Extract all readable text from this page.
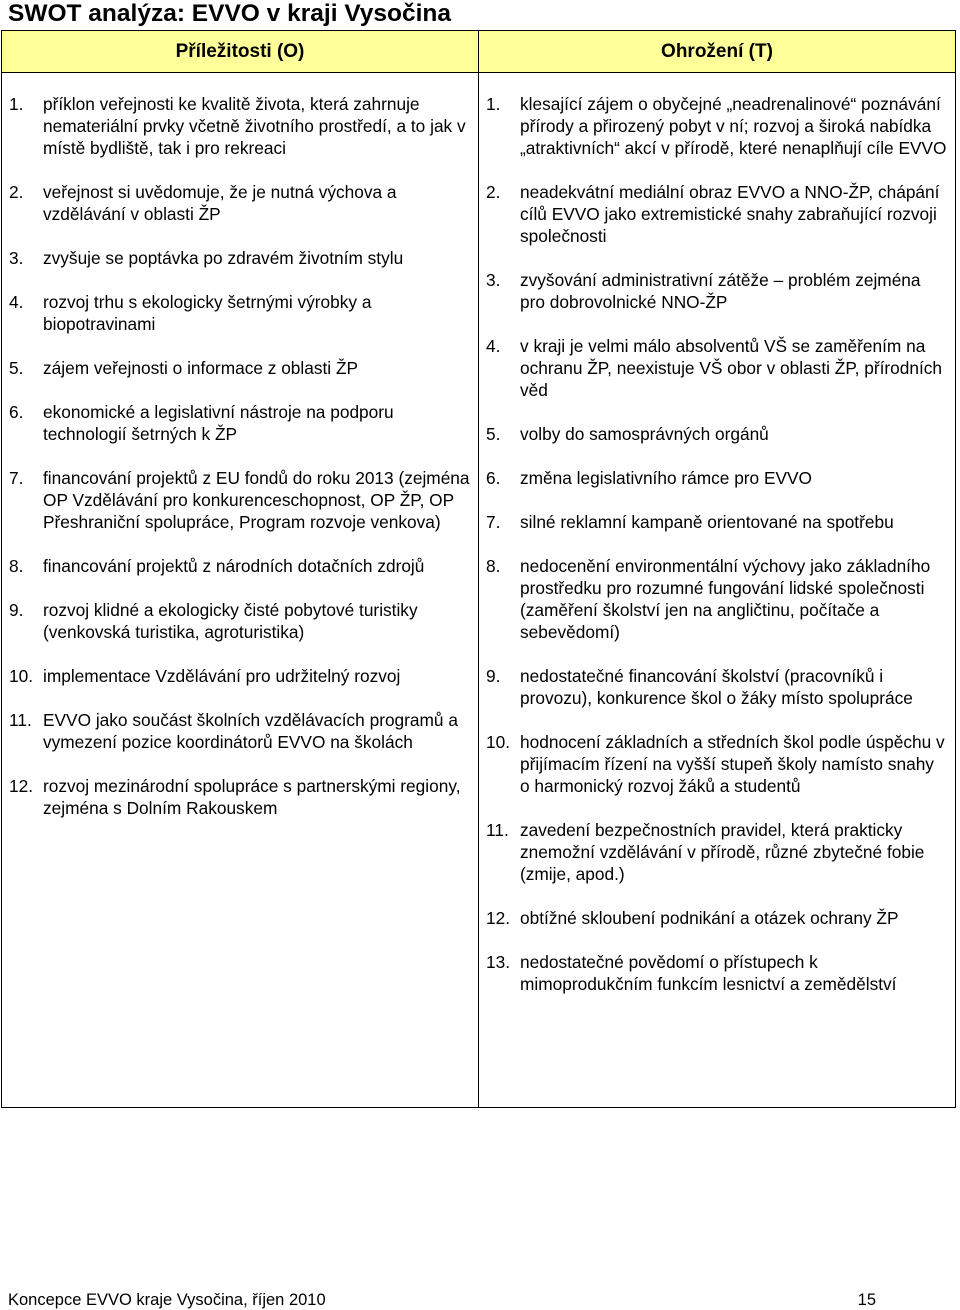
SWOT analýza: EVVO v kraji Vysočina
Příležitosti (O)	Ohrožení (T)
1. příklon veřejnosti ke kvalitě života, která zahrnuje nemateriální prvky včetně životního prostředí, a to jak v místě bydliště, tak i pro rekreaci
2. veřejnost si uvědomuje, že je nutná výchova a vzdělávání v oblasti ŽP
3. zvyšuje se poptávka po zdravém životním stylu
4. rozvoj trhu s ekologicky šetrnými výrobky a biopotravinami
5. zájem veřejnosti o informace z oblasti ŽP
6. ekonomické a legislativní nástroje na podporu technologií šetrných k ŽP
7. financování projektů z EU fondů do roku 2013 (zejména OP Vzdělávání pro konkurenceschopnost, OP ŽP, OP Přeshraniční spolupráce, Program rozvoje venkova)
8. financování projektů z národních dotačních zdrojů
9. rozvoj klidné a ekologicky čisté pobytové turistiky (venkovská turistika, agroturistika)
10. implementace Vzdělávání pro udržitelný rozvoj
11. EVVO jako součást školních vzdělávacích programů a vymezení pozice koordinátorů EVVO na školách
12. rozvoj mezinárodní spolupráce s partnerskými regiony, zejména s Dolním Rakouskem
1. klesající zájem o obyčejné „neadrenalinové“ poznávání přírody a přirozený pobyt v ní; rozvoj a široká nabídka „atraktivních“ akcí v přírodě, které nenaplňují cíle EVVO
2. neadekvátní mediální obraz EVVO a NNO-ŽP, chápání cílů EVVO jako extremistické snahy zabraňující rozvoji společnosti
3. zvyšování administrativní zátěže – problém zejména pro dobrovolnické NNO-ŽP
4. v kraji je velmi málo absolventů VŠ se zaměřením na ochranu ŽP, neexistuje VŠ obor v oblasti ŽP, přírodních věd
5. volby do samosprávných orgánů
6. změna legislativního rámce pro EVVO
7. silné reklamní kampaně orientované na spotřebu
8. nedocenění environmentální výchovy jako základního prostředku pro rozumné fungování lidské společnosti (zaměření školství jen na angličtinu, počítače a sebevědomí)
9. nedostatečné financování školství (pracovníků i provozu), konkurence škol o žáky místo spolupráce
10. hodnocení základních a středních škol podle úspěchu v přijímacím řízení na vyšší stupeň školy namísto snahy o harmonický rozvoj žáků a studentů
11. zavedení bezpečnostních pravidel, která prakticky znemožní vzdělávání v přírodě, různé zbytečné fobie (zmije, apod.)
12. obtížné skloubení podnikání a otázek ochrany ŽP
13. nedostatečné povědomí o přístupech k mimoprodukčním funkcím lesnictví a zemědělství
Koncepce EVVO kraje Vysočina, říjen 2010	15
